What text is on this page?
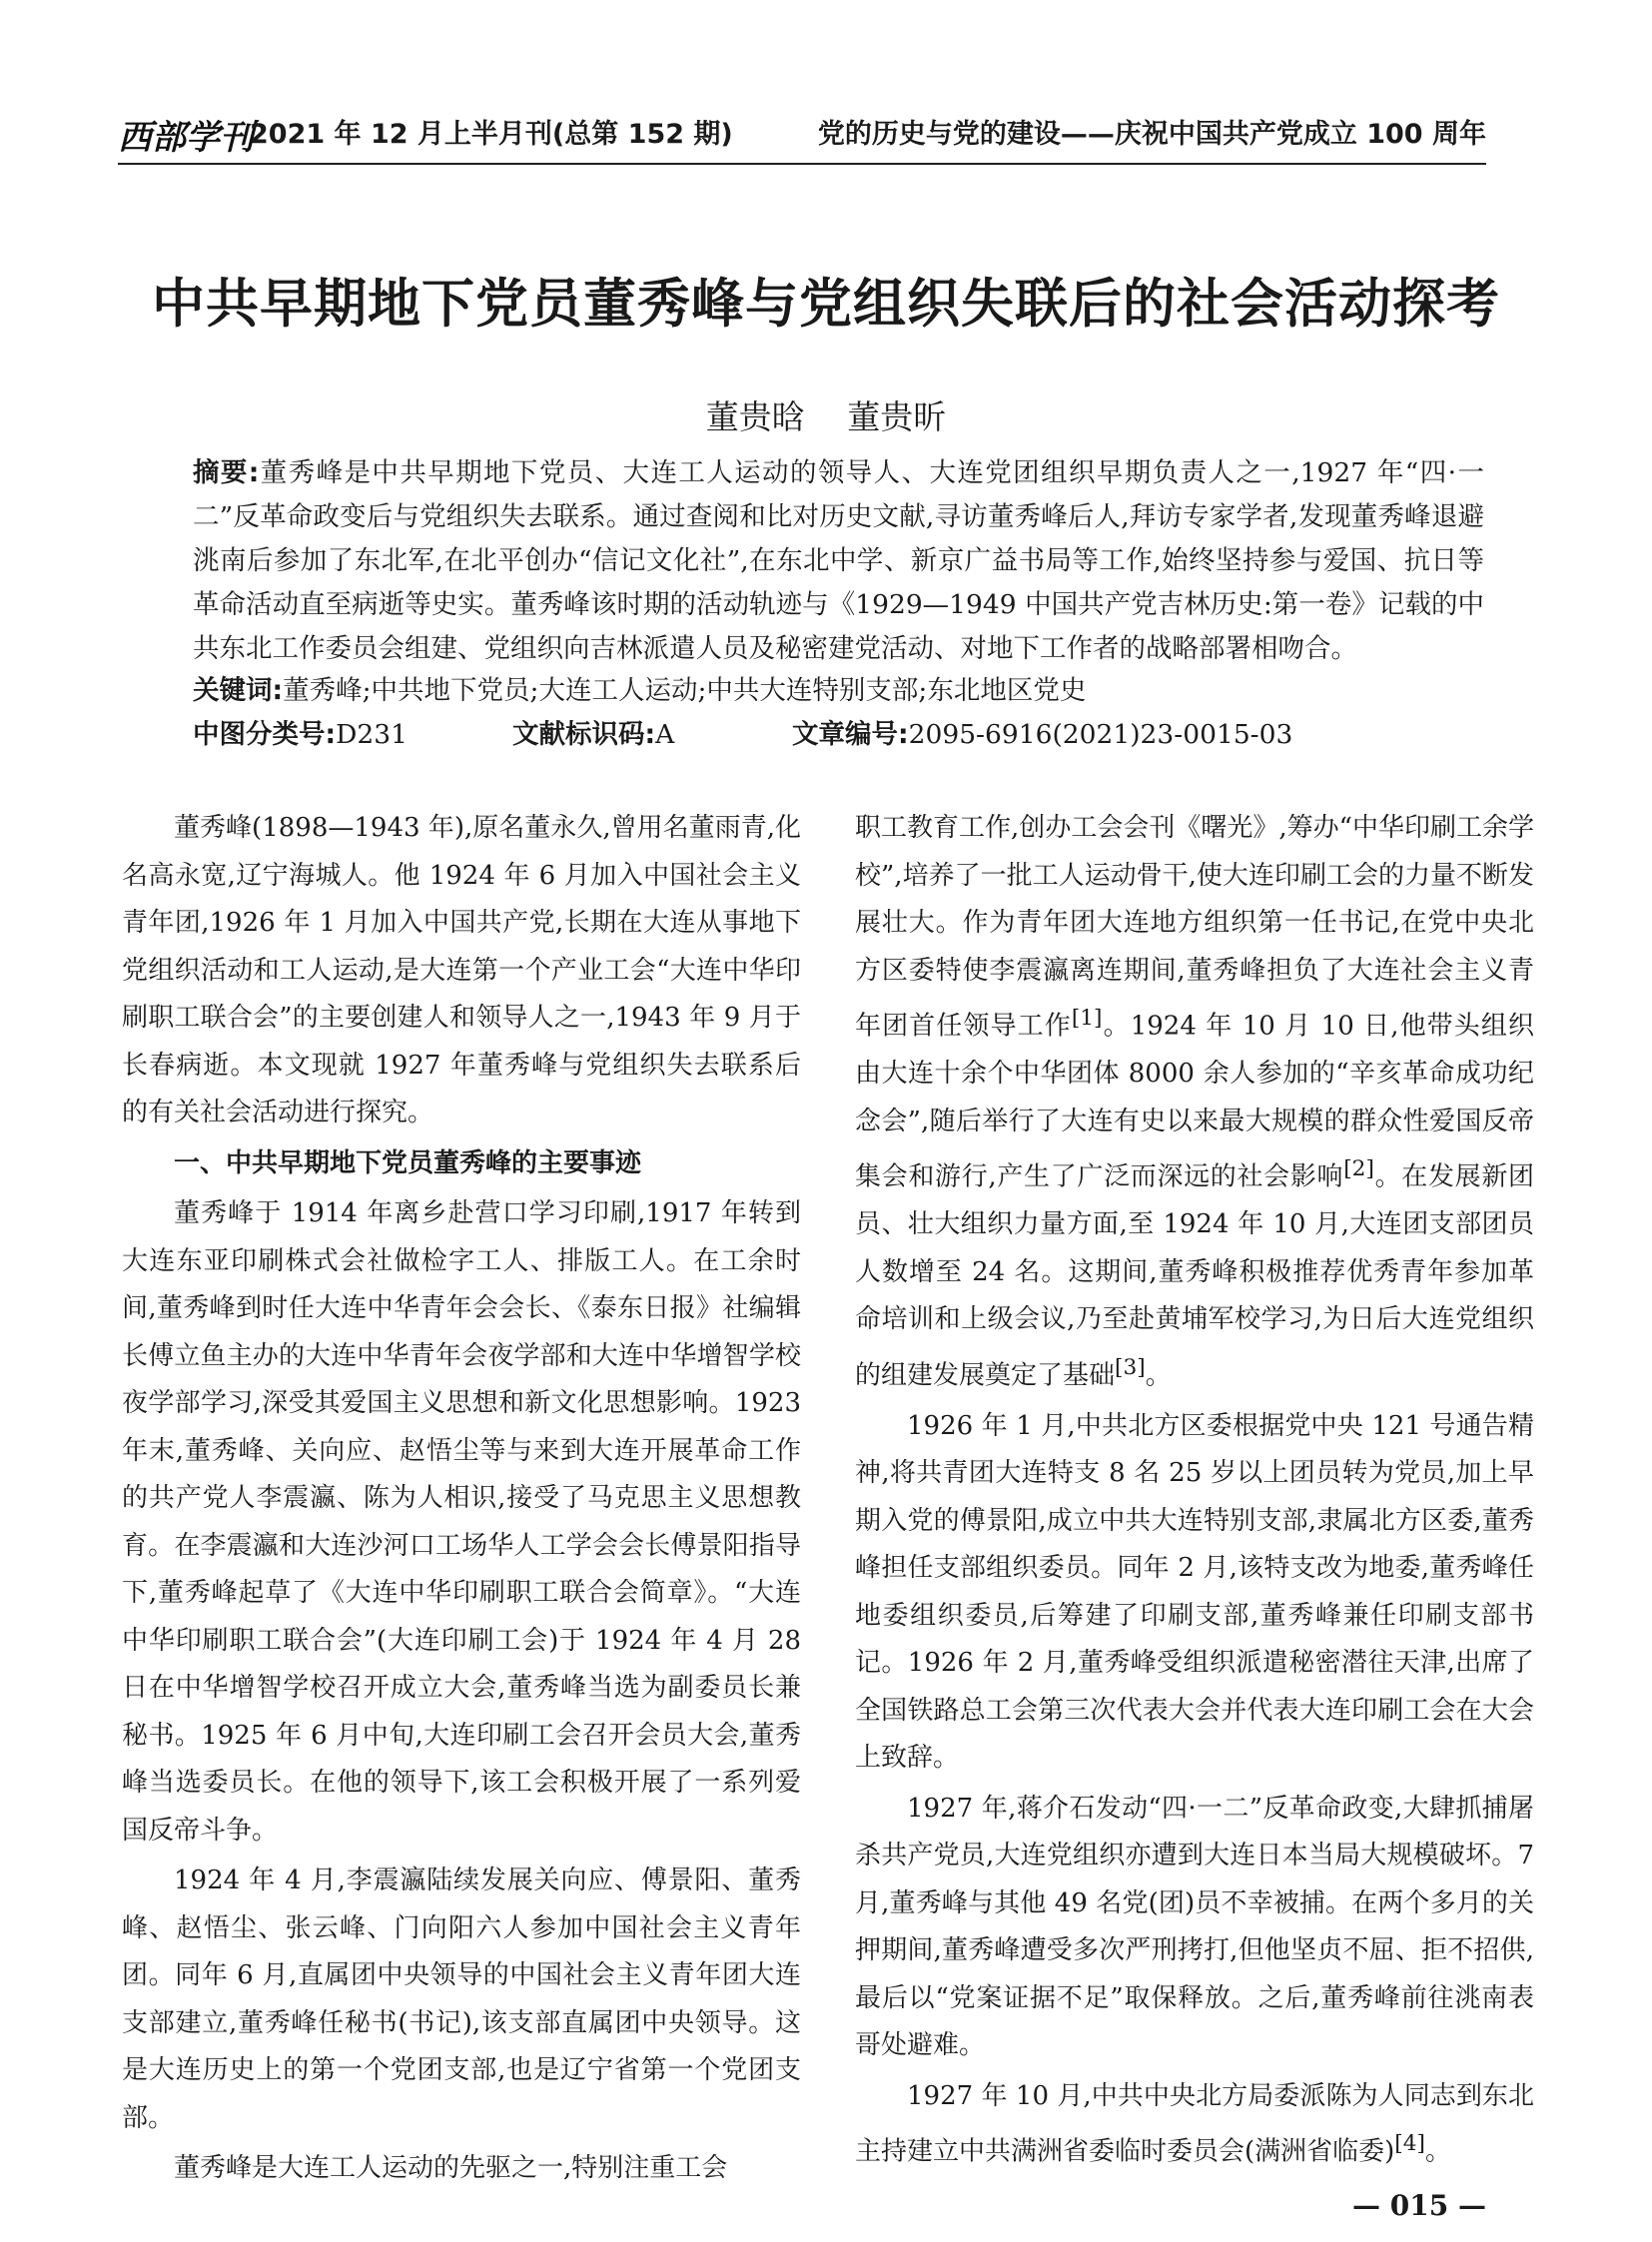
西部学刊
2021 年 12 月上半月刊(总第 152 期)	党的历史与党的建设——庆祝中国共产党成立 100 周年
中共早期地下党员董秀峰与党组织失联后的社会活动探考
董贵晗 董贵昕
摘要:董秀峰是中共早期地下党员、大连工人运动的领导人、大连党团组织早期负责人之一,1927 年“四·一二”反革命政变后与党组织失去联系。通过查阅和比对历史文献,寻访董秀峰后人,拜访专家学者,发现董秀峰退避洮南后参加了东北军,在北平创办“信记文化社”,在东北中学、新京广益书局等工作,始终坚持参与爱国、抗日等革命活动直至病逝等史实。董秀峰该时期的活动轨迹与《1929—1949 中国共产党吉林历史:第一卷》记载的中共东北工作委员会组建、党组织向吉林派遣人员及秘密建党活动、对地下工作者的战略部署相吻合。
关键词:董秀峰;中共地下党员;大连工人运动;中共大连特别支部;东北地区党史
中图分类号:D231	文献标识码:A	文章编号:2095-6916(2021)23-0015-03

董秀峰(1898—1943 年),原名董永久,曾用名董雨青,化名高永宽,辽宁海城人。他 1924 年 6 月加入中国社会主义青年团,1926 年 1 月加入中国共产党,长期在大连从事地下党组织活动和工人运动,是大连第一个产业工会“大连中华印刷职工联合会”的主要创建人和领导人之一,1943 年 9 月于长春病逝。本文现就 1927 年董秀峰与党组织失去联系后的有关社会活动进行探究。

一、中共早期地下党员董秀峰的主要事迹

董秀峰于 1914 年离乡赴营口学习印刷,1917 年转到大连东亚印刷株式会社做检字工人、排版工人。在工余时间,董秀峰到时任大连中华青年会会长、《泰东日报》社编辑长傅立鱼主办的大连中华青年会夜学部和大连中华增智学校夜学部学习,深受其爱国主义思想和新文化思想影响。1923 年末,董秀峰、关向应、赵悟尘等与来到大连开展革命工作的共产党人李震瀛、陈为人相识,接受了马克思主义思想教育。在李震瀛和大连沙河口工场华人工学会会长傅景阳指导下,董秀峰起草了《大连中华印刷职工联合会简章》。“大连中华印刷职工联合会”(大连印刷工会)于 1924 年 4 月 28 日在中华增智学校召开成立大会,董秀峰当选为副委员长兼秘书。1925 年 6 月中旬,大连印刷工会召开会员大会,董秀峰当选委员长。在他的领导下,该工会积极开展了一系列爱国反帝斗争。

1924 年 4 月,李震瀛陆续发展关向应、傅景阳、董秀峰、赵悟尘、张云峰、门向阳六人参加中国社会主义青年团。同年 6 月,直属团中央领导的中国社会主义青年团大连支部建立,董秀峰任秘书(书记),该支部直属团中央领导。这是大连历史上的第一个党团支部,也是辽宁省第一个党团支部。

董秀峰是大连工人运动的先驱之一,特别注重工会

职工教育工作,创办工会会刊《曙光》,筹办“中华印刷工余学校”,培养了一批工人运动骨干,使大连印刷工会的力量不断发展壮大。作为青年团大连地方组织第一任书记,在党中央北方区委特使李震瀛离连期间,董秀峰担负了大连社会主义青年团首任领导工作[1]。1924 年 10 月 10 日,他带头组织由大连十余个中华团体 8000 余人参加的“辛亥革命成功纪念会”,随后举行了大连有史以来最大规模的群众性爱国反帝集会和游行,产生了广泛而深远的社会影响[2]。在发展新团员、壮大组织力量方面,至 1924 年 10 月,大连团支部团员人数增至 24 名。这期间,董秀峰积极推荐优秀青年参加革命培训和上级会议,乃至赴黄埔军校学习,为日后大连党组织的组建发展奠定了基础[3]。

1926 年 1 月,中共北方区委根据党中央 121 号通告精神,将共青团大连特支 8 名 25 岁以上团员转为党员,加上早期入党的傅景阳,成立中共大连特别支部,隶属北方区委,董秀峰担任支部组织委员。同年 2 月,该特支改为地委,董秀峰任地委组织委员,后筹建了印刷支部,董秀峰兼任印刷支部书记。1926 年 2 月,董秀峰受组织派遣秘密潜往天津,出席了全国铁路总工会第三次代表大会并代表大连印刷工会在大会上致辞。

1927 年,蒋介石发动“四·一二”反革命政变,大肆抓捕屠杀共产党员,大连党组织亦遭到大连日本当局大规模破坏。7 月,董秀峰与其他 49 名党(团)员不幸被捕。在两个多月的关押期间,董秀峰遭受多次严刑拷打,但他坚贞不屈、拒不招供,最后以“党案证据不足”取保释放。之后,董秀峰前往洮南表哥处避难。

1927 年 10 月,中共中央北方局委派陈为人同志到东北主持建立中共满洲省委临时委员会(满洲省临委)[4]。

— 015 —
